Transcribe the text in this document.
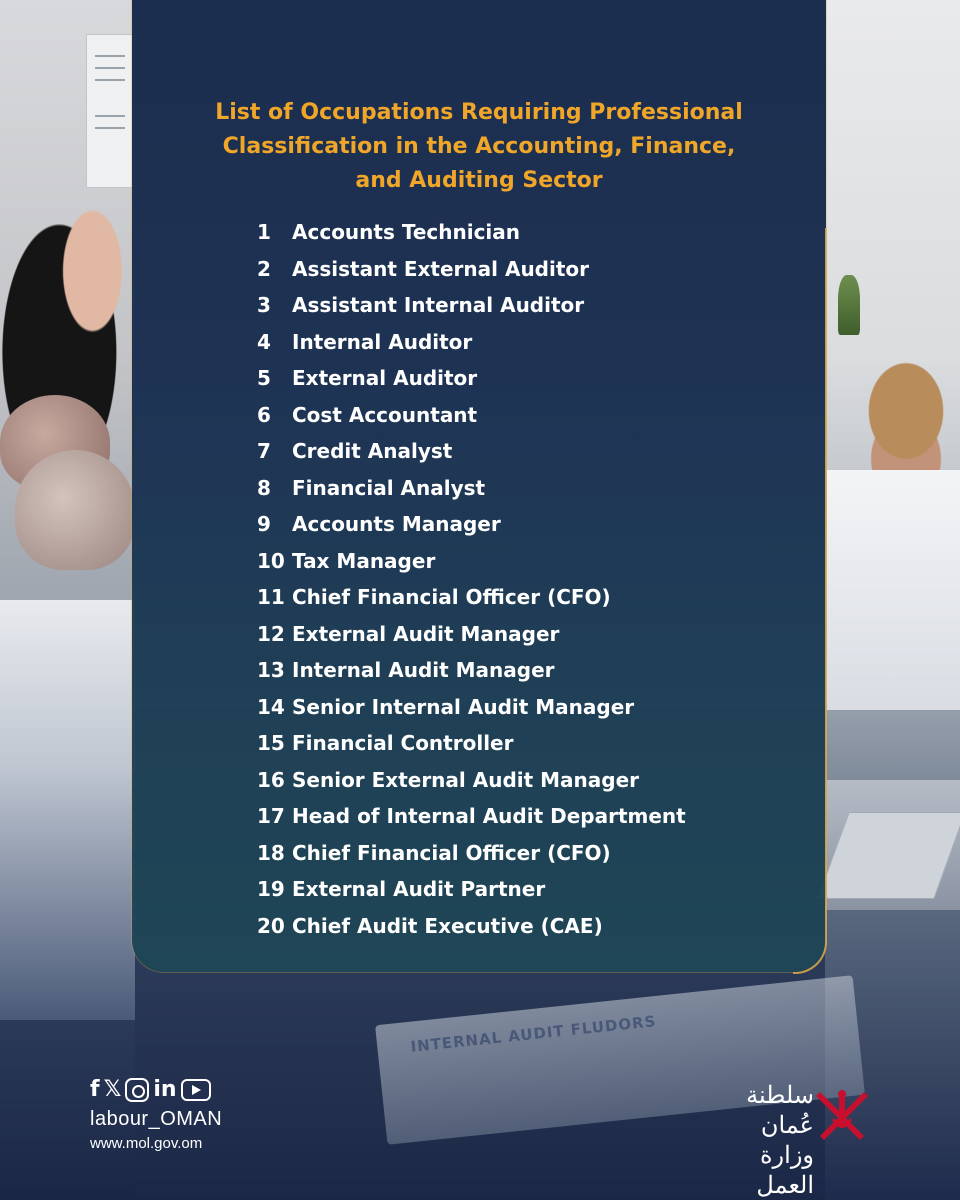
INTERNAL AUDIT FLUDORS
List of Occupations Requiring Professional
Classification in the Accounting, Finance,
and Auditing Sector
1	Accounts Technician
2	Assistant External Auditor
3	Assistant Internal Auditor
4	Internal Auditor
5	External Auditor
6	Cost Accountant
7	Credit Analyst
8	Financial Analyst
9	Accounts Manager
10 Tax Manager
11 Chief Financial Officer (CFO)
12 External Audit Manager
13 Internal Audit Manager
14 Senior Internal Audit Manager
15 Financial Controller
16 Senior External Audit Manager
17 Head of Internal Audit Department
18 Chief Financial Officer (CFO)
19 External Audit Partner
20 Chief Audit Executive (CAE)
f 𝕏 in
labour_OMAN
www.mol.gov.om
سلطنة عُمان
وزارة العمل
